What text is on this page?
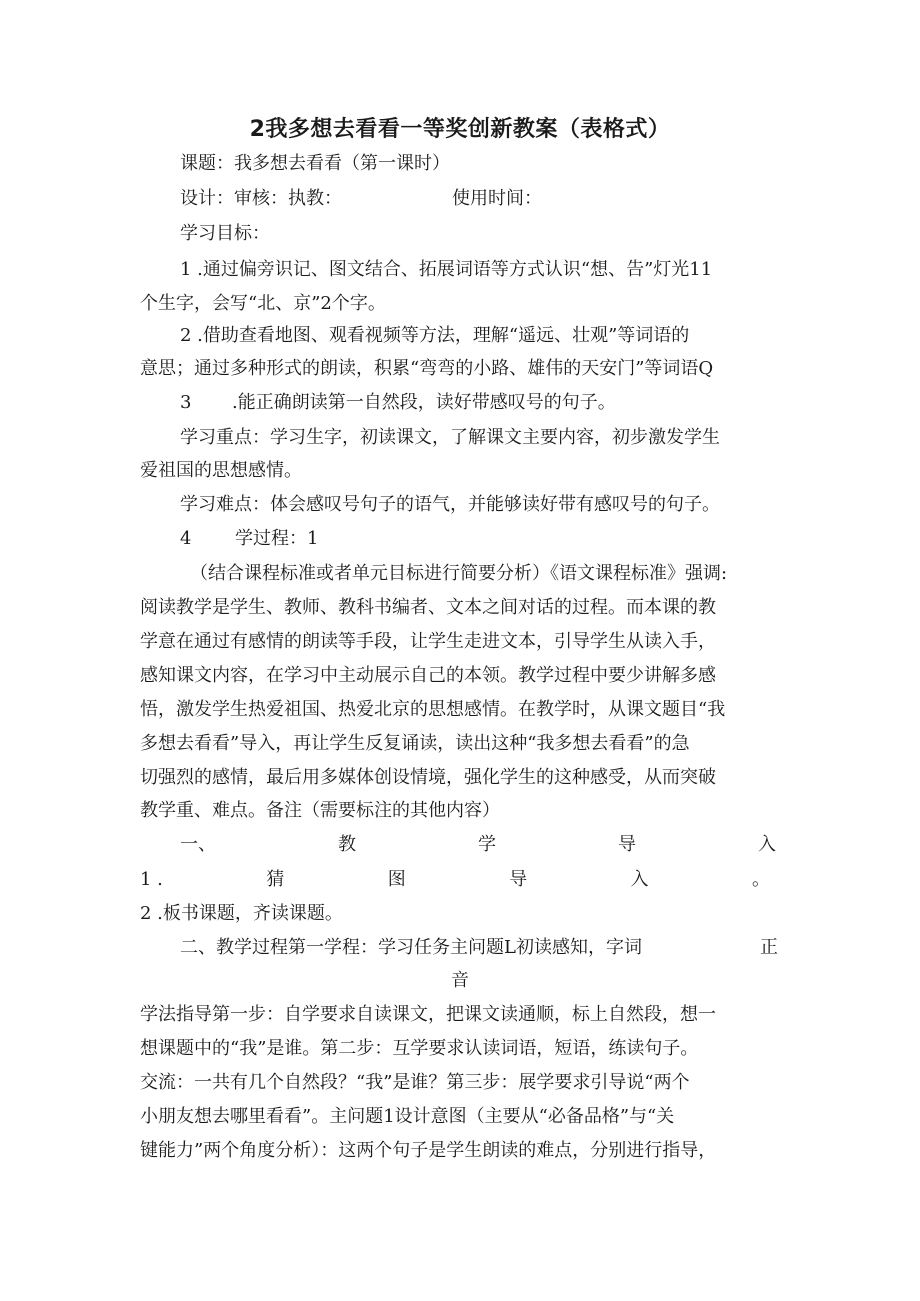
2我多想去看看一等奖创新教案（表格式）
课题：我多想去看看（第一课时）
设计：审核：执教：	使用时间：
学习目标：
1 .通过偏旁识记、图文结合、拓展词语等方式认识“想、告”灯光11
个生字，会写“北、京”2个字。
2 .借助查看地图、观看视频等方法，理解“遥远、壮观”等词语的
意思；通过多种形式的朗读，积累“弯弯的小路、雄伟的天安门”等词语Q
3 .能正确朗读第一自然段，读好带感叹号的句子。
学习重点：学习生字，初读课文，了解课文主要内容，初步激发学生
爱祖国的思想感情。
学习难点：体会感叹号句子的语气，并能够读好带有感叹号的句子。
4 学过程：1
（结合课程标准或者单元目标进行简要分析）《语文课程标准》强调:
阅读教学是学生、教师、教科书编者、文本之间对话的过程。而本课的教
学意在通过有感情的朗读等手段，让学生走进文本，引导学生从读入手，
感知课文内容，在学习中主动展示自己的本领。教学过程中要少讲解多感
悟，激发学生热爱祖国、热爱北京的思想感情。在教学时，从课文题目“我
多想去看看”导入，再让学生反复诵读，读出这种“我多想去看看”的急
切强烈的感情，最后用多媒体创设情境，强化学生的这种感受，从而突破
教学重、难点。备注（需要标注的其他内容）
一、	教	学	导	入
1 .	猜	图	导	入	。
2 .板书课题，齐读课题。
二、教学过程第一学程：学习任务主问题L初读感知，字词	正
音
学法指导第一步：自学要求自读课文，把课文读通顺，标上自然段，想一
想课题中的“我”是谁。第二步：互学要求认读词语，短语，练读句子。
交流：一共有几个自然段？“我”是谁？第三步：展学要求引导说“两个
小朋友想去哪里看看”。主问题1设计意图（主要从“必备品格”与“关
键能力”两个角度分析）：这两个句子是学生朗读的难点，分别进行指导，
